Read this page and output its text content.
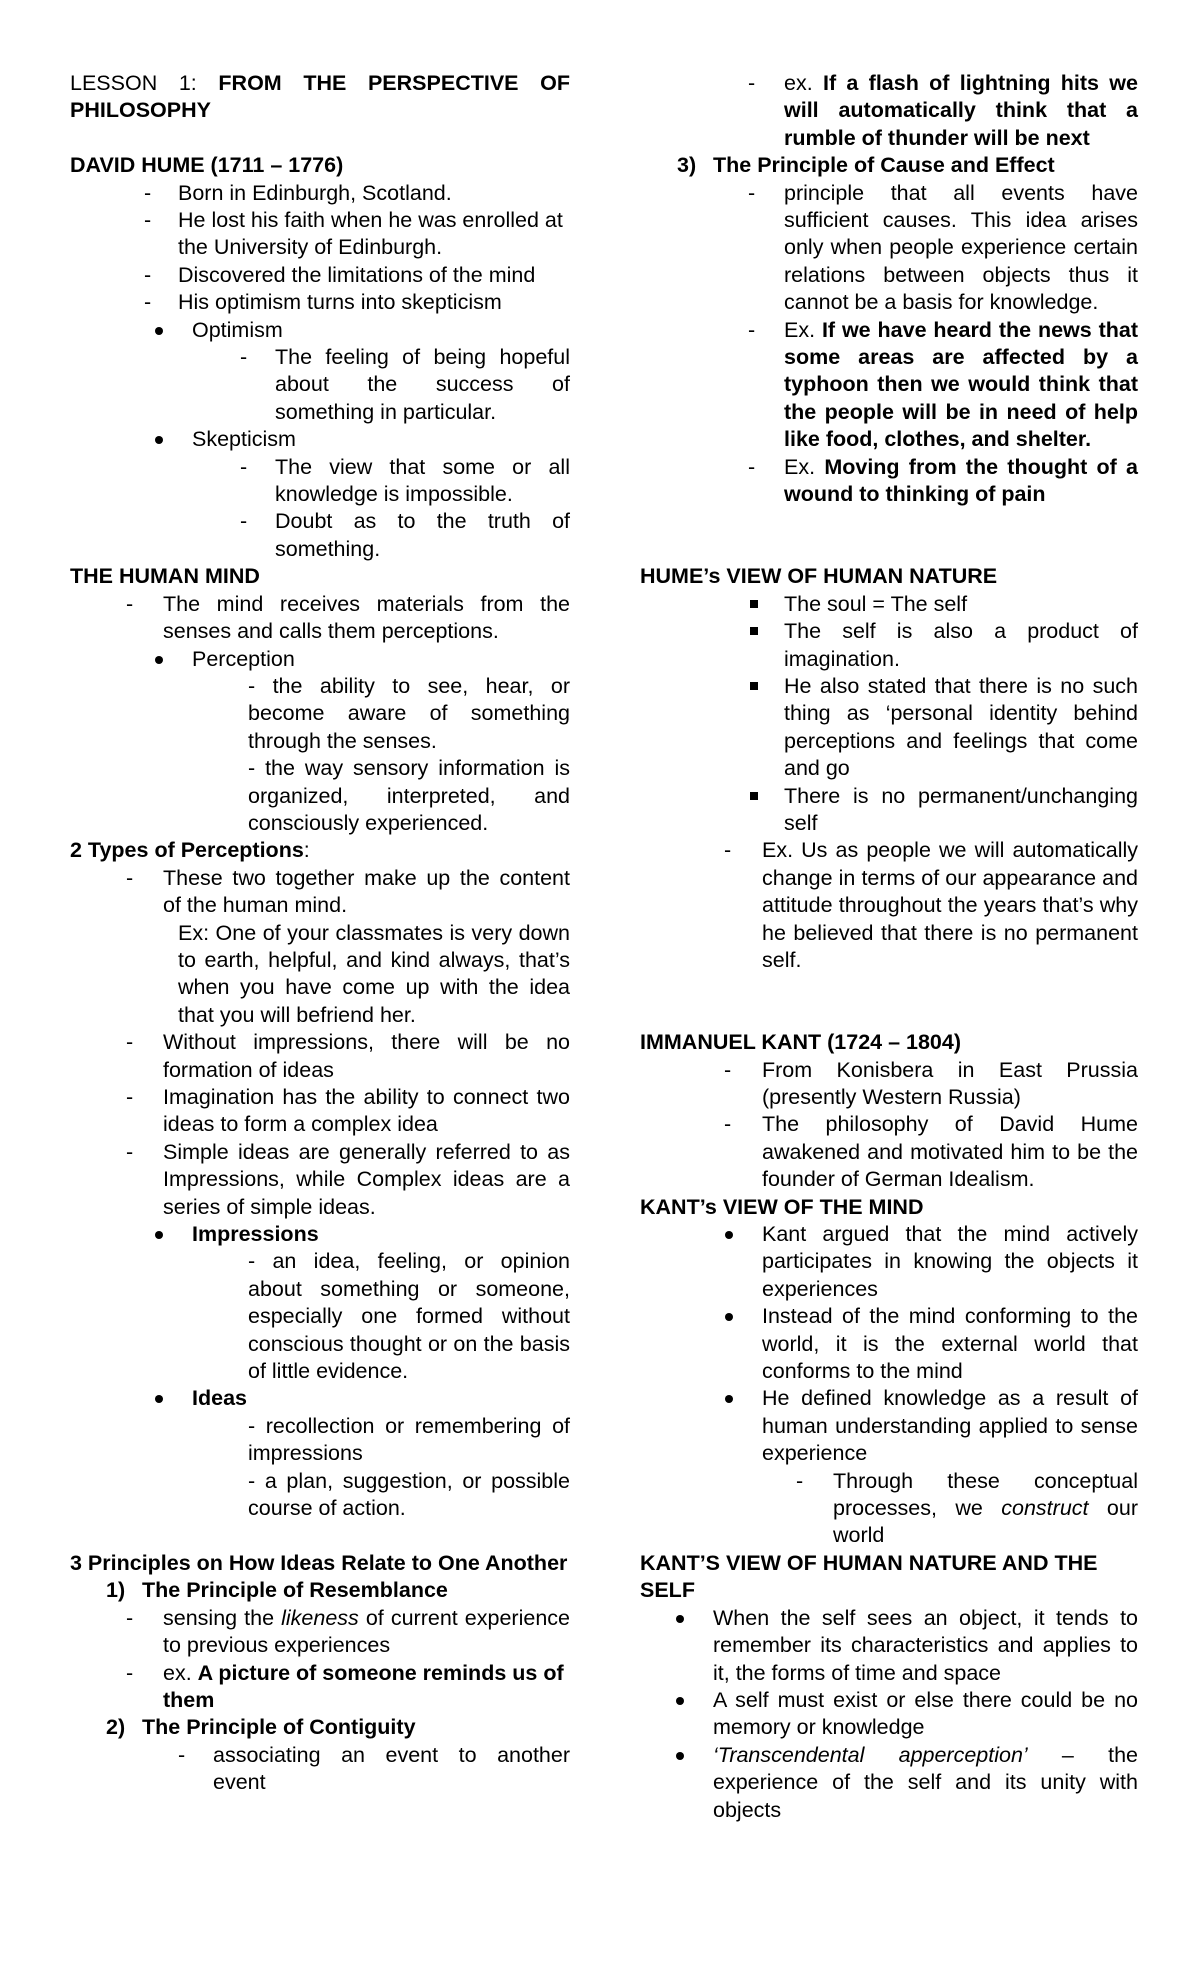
LESSON 1: FROM THE PERSPECTIVE OF PHILOSOPHY

DAVID HUME (1711 – 1776)

- Born in Edinburgh, Scotland.

- He lost his faith when he was enrolled at the University of Edinburgh.

- Discovered the limitations of the mind

- His optimism turns into skepticism

Optimism

- The feeling of being hopeful about the success of something in particular.

Skepticism

- The view that some or all knowledge is impossible.

- Doubt as to the truth of something.

THE HUMAN MIND

- The mind receives materials from the senses and calls them perceptions.

Perception

- the ability to see, hear, or become aware of something through the senses.

- the way sensory information is organized, interpreted, and consciously experienced.

2 Types of Perceptions:

- These two together make up the content of the human mind.

Ex: One of your classmates is very down to earth, helpful, and kind always, that’s when you have come up with the idea that you will befriend her.

- Without impressions, there will be no formation of ideas

- Imagination has the ability to connect two ideas to form a complex idea

- Simple ideas are generally referred to as Impressions, while Complex ideas are a series of simple ideas.

Impressions

- an idea, feeling, or opinion about something or someone, especially one formed without conscious thought or on the basis of little evidence.

Ideas

- recollection or remembering of impressions

- a plan, suggestion, or possible course of action.

3 Principles on How Ideas Relate to One Another

1) The Principle of Resemblance

- sensing the likeness of current experience to previous experiences

- ex. A picture of someone reminds us of them

2) The Principle of Contiguity

- associating an event to another event

- ex. If a flash of lightning hits we will automatically think that a rumble of thunder will be next

3) The Principle of Cause and Effect

- principle that all events have sufficient causes. This idea arises only when people experience certain relations between objects thus it cannot be a basis for knowledge.

- Ex. If we have heard the news that some areas are affected by a typhoon then we would think that the people will be in need of help like food, clothes, and shelter.

- Ex. Moving from the thought of a wound to thinking of pain

HUME’s VIEW OF HUMAN NATURE

The soul = The self

The self is also a product of imagination.

He also stated that there is no such thing as ‘personal identity behind perceptions and feelings that come and go

There is no permanent/unchanging self

- Ex. Us as people we will automatically change in terms of our appearance and attitude throughout the years that’s why he believed that there is no permanent self.

IMMANUEL KANT (1724 – 1804)

- From Konisbera in East Prussia (presently Western Russia)

- The philosophy of David Hume awakened and motivated him to be the founder of German Idealism.

KANT’s VIEW OF THE MIND

Kant argued that the mind actively participates in knowing the objects it experiences

Instead of the mind conforming to the world, it is the external world that conforms to the mind

He defined knowledge as a result of human understanding applied to sense experience

- Through these conceptual processes, we construct our world

KANT’S VIEW OF HUMAN NATURE AND THE SELF

When the self sees an object, it tends to remember its characteristics and applies to it, the forms of time and space

A self must exist or else there could be no memory or knowledge

‘Transcendental apperception’ – the experience of the self and its unity with objects
